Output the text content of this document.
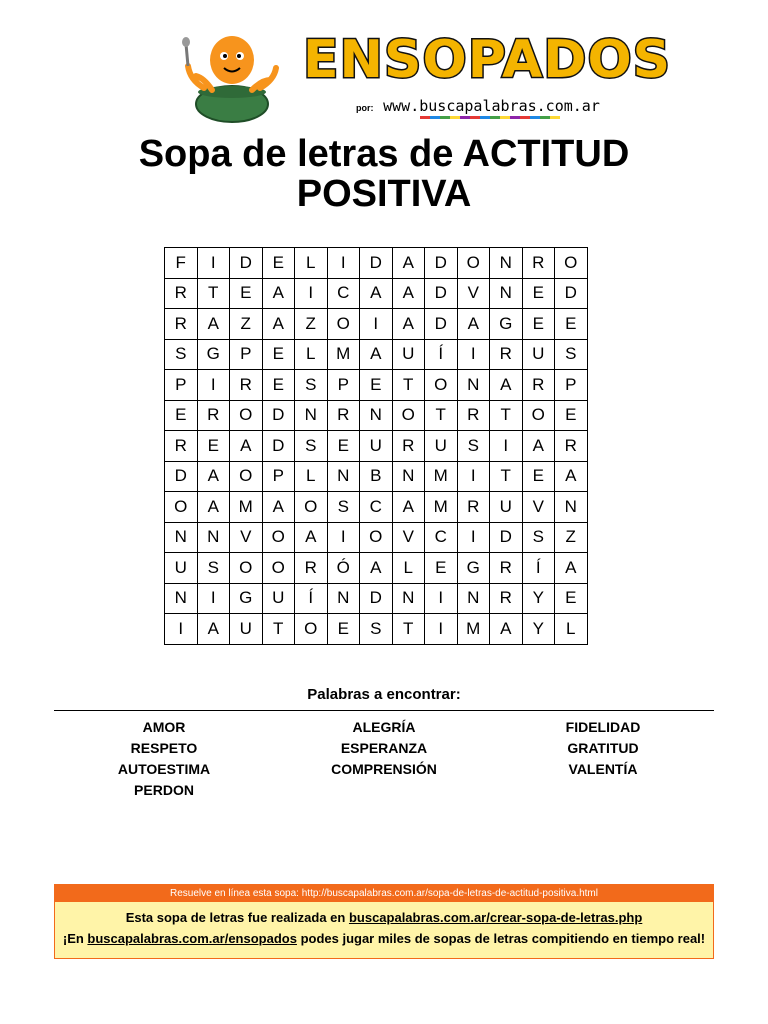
ENSOPADOS
por: www.buscapalabras.com.ar
Sopa de letras de ACTITUD
POSITIVA
F	I	D	E	L	I	D	A	D	O	N	R	O
R	T	E	A	I	C	A	A	D	V	N	E	D
R	A	Z	A	Z	O	I	A	D	A	G	E	E
S	G	P	E	L	M	A	U	Í	I	R	U	S
P	I	R	E	S	P	E	T	O	N	A	R	P
E	R	O	D	N	R	N	O	T	R	T	O	E
R	E	A	D	S	E	U	R	U	S	I	A	R
D	A	O	P	L	N	B	N	M	I	T	E	A
O	A	M	A	O	S	C	A	M	R	U	V	N
N	N	V	O	A	I	O	V	C	I	D	S	Z
U	S	O	O	R	Ó	A	L	E	G	R	Í	A
N	I	G	U	Í	N	D	N	I	N	R	Y	E
I	A	U	T	O	E	S	T	I	M	A	Y	L
Palabras a encontrar:
AMOR
RESPETO
AUTOESTIMA
PERDON
ALEGRÍA
ESPERANZA
COMPRENSIÓN
FIDELIDAD
GRATITUD
VALENTÍA
Resuelve en línea esta sopa: http://buscapalabras.com.ar/sopa-de-letras-de-actitud-positiva.html
Esta sopa de letras fue realizada en buscapalabras.com.ar/crear-sopa-de-letras.php
¡En buscapalabras.com.ar/ensopados podes jugar miles de sopas de letras compitiendo en tiempo real!
